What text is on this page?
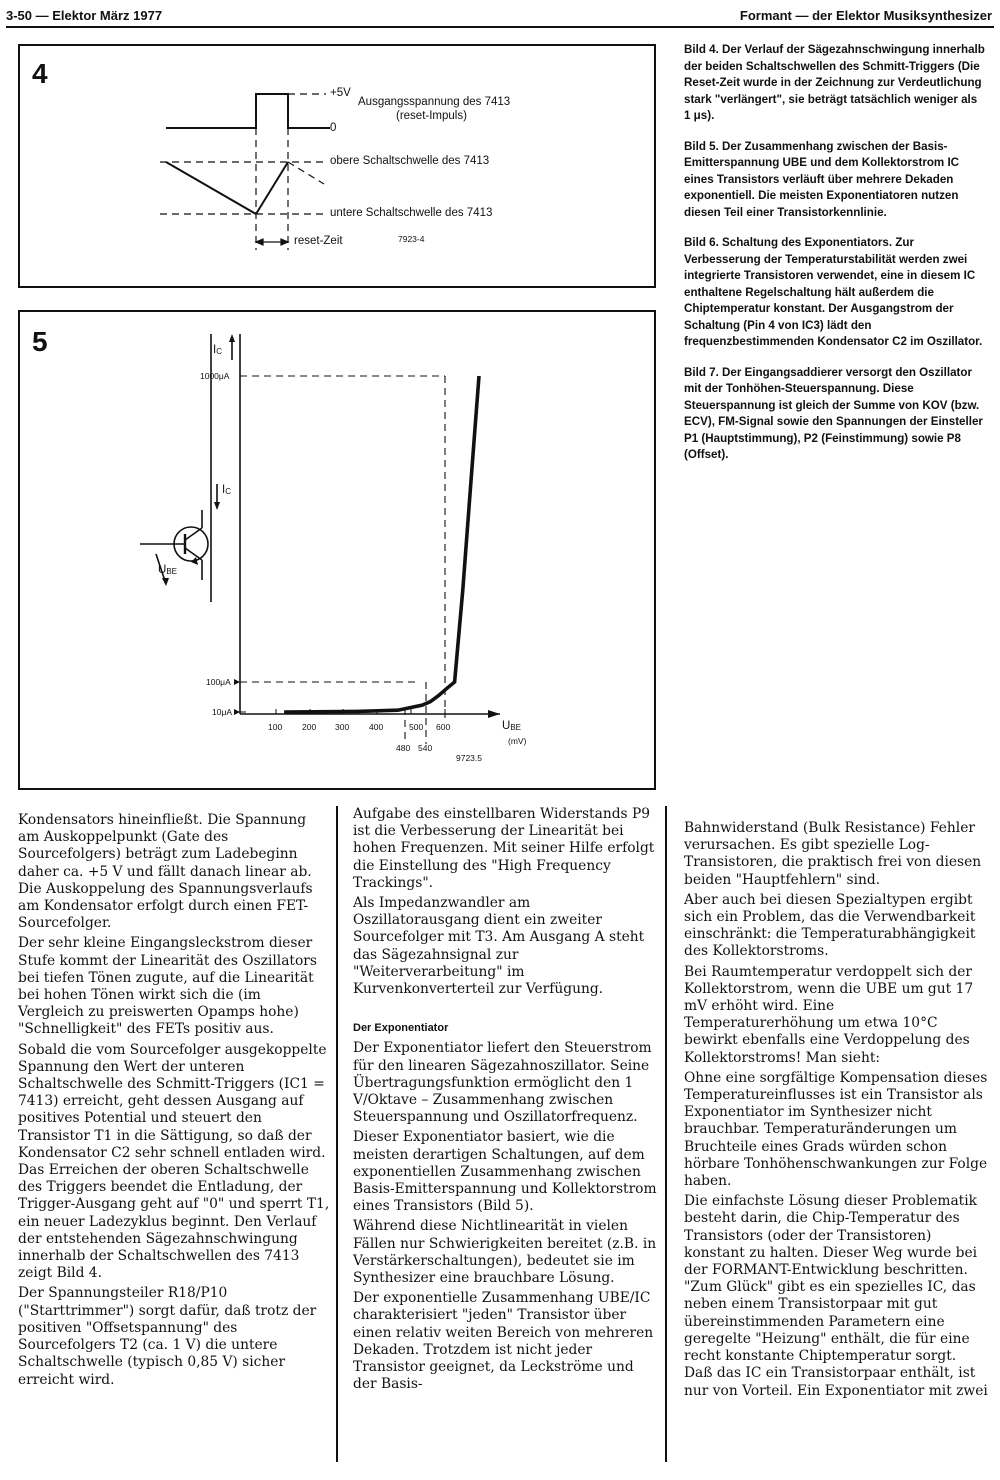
3-50 — Elektor März 1977	Formant — der Elektor Musiksynthesizer
4
+5V
Ausgangsspannung des 7413
(reset-Impuls)
0
obere Schaltschwelle des 7413
untere Schaltschwelle des 7413
reset-Zeit	7923-4
5	IC
IC
UBE
1000μA
100μA
10μA
100 200 300 400	500 600	UBE
(mV)
480 540
9723.5

Bild 4. Der Verlauf der Sägezahnschwingung innerhalb der beiden Schaltschwellen des Schmitt-Triggers (Die Reset-Zeit wurde in der Zeichnung zur Verdeutlichung stark "verlängert", sie beträgt tatsächlich weniger als 1 μs).

Bild 5. Der Zusammenhang zwischen der Basis-Emitterspannung UBE und dem Kollektorstrom IC eines Transistors verläuft über mehrere Dekaden exponentiell. Die meisten Exponentiatoren nutzen diesen Teil einer Transistorkennlinie.

Bild 6. Schaltung des Exponentiators. Zur Verbesserung der Temperaturstabilität werden zwei integrierte Transistoren verwendet, eine in diesem IC enthaltene Regelschaltung hält außerdem die Chiptemperatur konstant. Der Ausgangstrom der Schaltung (Pin 4 von IC3) lädt den frequenzbestimmenden Kondensator C2 im Oszillator.

Bild 7. Der Eingangsaddierer versorgt den Oszillator mit der Tonhöhen-Steuerspannung. Diese Steuerspannung ist gleich der Summe von KOV (bzw. ECV), FM-Signal sowie den Spannungen der Einsteller P1 (Hauptstimmung), P2 (Feinstimmung) sowie P8 (Offset).

Kondensators hineinfließt. Die Spannung am Auskoppelpunkt (Gate des Sourcefolgers) beträgt zum Ladebeginn daher ca. +5 V und fällt danach linear ab. Die Auskoppelung des Spannungsverlaufs am Kondensator erfolgt durch einen FET-Sourcefolger.

Der sehr kleine Eingangsleckstrom dieser Stufe kommt der Linearität des Oszillators bei tiefen Tönen zugute, auf die Linearität bei hohen Tönen wirkt sich die (im Vergleich zu preiswerten Opamps hohe) "Schnelligkeit" des FETs positiv aus.

Sobald die vom Sourcefolger ausgekoppelte Spannung den Wert der unteren Schaltschwelle des Schmitt-Triggers (IC1 = 7413) erreicht, geht dessen Ausgang auf positives Potential und steuert den Transistor T1 in die Sättigung, so daß der Kondensator C2 sehr schnell entladen wird. Das Erreichen der oberen Schaltschwelle des Triggers beendet die Entladung, der Trigger-Ausgang geht auf "0" und sperrt T1, ein neuer Ladezyklus beginnt. Den Verlauf der entstehenden Sägezahnschwingung innerhalb der Schaltschwellen des 7413 zeigt Bild 4.

Der Spannungsteiler R18/P10 ("Starttrimmer") sorgt dafür, daß trotz der positiven "Offsetspannung" des Sourcefolgers T2 (ca. 1 V) die untere Schaltschwelle (typisch 0,85 V) sicher erreicht wird.

Aufgabe des einstellbaren Widerstands P9 ist die Verbesserung der Linearität bei hohen Frequenzen. Mit seiner Hilfe erfolgt die Einstellung des "High Frequency Trackings".

Als Impedanzwandler am Oszillatorausgang dient ein zweiter Sourcefolger mit T3. Am Ausgang A steht das Sägezahnsignal zur "Weiterverarbeitung" im Kurvenkonverterteil zur Verfügung.

Der Exponentiator

Der Exponentiator liefert den Steuerstrom für den linearen Sägezahnoszillator. Seine Übertragungsfunktion ermöglicht den 1 V/Oktave – Zusammenhang zwischen Steuerspannung und Oszillatorfrequenz.

Dieser Exponentiator basiert, wie die meisten derartigen Schaltungen, auf dem exponentiellen Zusammenhang zwischen Basis-Emitterspannung und Kollektorstrom eines Transistors (Bild 5).

Während diese Nichtlinearität in vielen Fällen nur Schwierigkeiten bereitet (z.B. in Verstärkerschaltungen), bedeutet sie im Synthesizer eine brauchbare Lösung.

Der exponentielle Zusammenhang UBE/IC charakterisiert "jeden" Transistor über einen relativ weiten Bereich von mehreren Dekaden. Trotzdem ist nicht jeder Transistor geeignet, da Leckströme und der Basis-

Bahnwiderstand (Bulk Resistance) Fehler verursachen. Es gibt spezielle Log-Transistoren, die praktisch frei von diesen beiden "Hauptfehlern" sind.

Aber auch bei diesen Spezialtypen ergibt sich ein Problem, das die Verwendbarkeit einschränkt: die Temperaturabhängigkeit des Kollektorstroms.

Bei Raumtemperatur verdoppelt sich der Kollektorstrom, wenn die UBE um gut 17 mV erhöht wird. Eine Temperaturerhöhung um etwa 10°C bewirkt ebenfalls eine Verdoppelung des Kollektorstroms! Man sieht:

Ohne eine sorgfältige Kompensation dieses Temperatureinflusses ist ein Transistor als Exponentiator im Synthesizer nicht brauchbar. Temperaturänderungen um Bruchteile eines Grads würden schon hörbare Tonhöhenschwankungen zur Folge haben.

Die einfachste Lösung dieser Problematik besteht darin, die Chip-Temperatur des Transistors (oder der Transistoren) konstant zu halten. Dieser Weg wurde bei der FORMANT-Entwicklung beschritten. "Zum Glück" gibt es ein spezielles IC, das neben einem Transistorpaar mit gut übereinstimmenden Parametern eine geregelte "Heizung" enthält, die für eine recht konstante Chiptemperatur sorgt. Daß das IC ein Transistorpaar enthält, ist nur von Vorteil. Ein Exponentiator mit zwei
